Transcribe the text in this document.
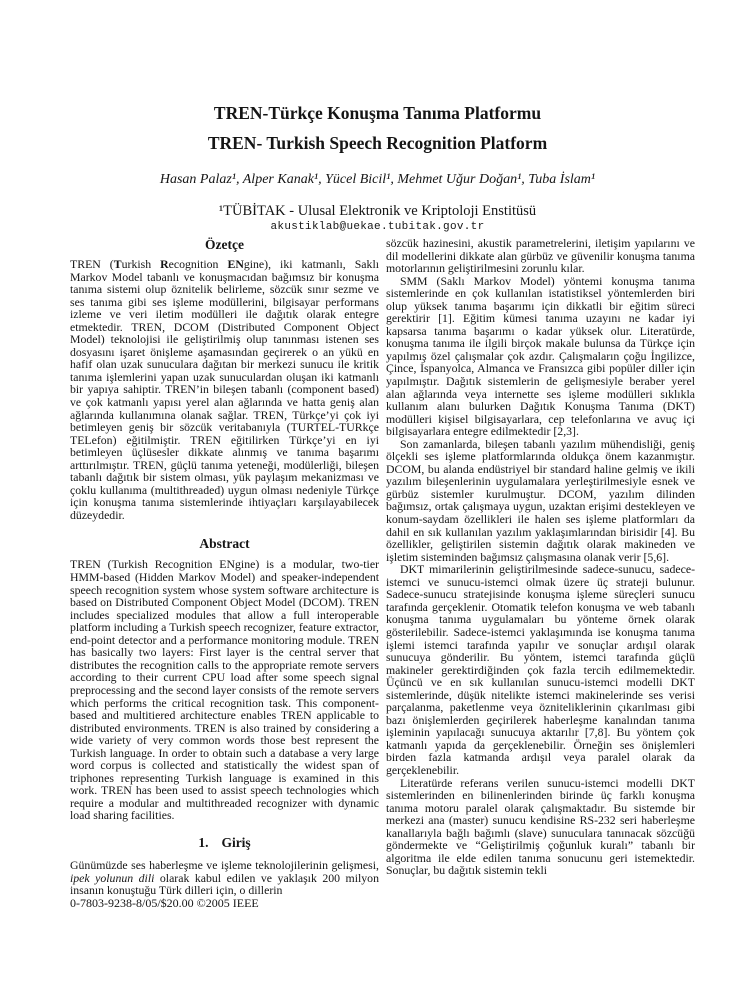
TREN-Türkçe Konuşma Tanıma Platformu
TREN- Turkish Speech Recognition Platform
Hasan Palaz¹, Alper Kanak¹, Yücel Bicil¹, Mehmet Uğur Doğan¹, Tuba İslam¹
¹TÜBİTAK - Ulusal Elektronik ve Kriptoloji Enstitüsü
akustiklab@uekae.tubitak.gov.tr
Özetçe

TREN (Turkish Recognition ENgine), iki katmanlı, Saklı Markov Model tabanlı ve konuşmacıdan bağımsız bir konuşma tanıma sistemi olup öznitelik belirleme, sözcük sınır sezme ve ses tanıma gibi ses işleme modüllerini, bilgisayar performans izleme ve veri iletim modülleri ile dağıtık olarak entegre etmektedir. TREN, DCOM (Distributed Component Object Model) teknolojisi ile geliştirilmiş olup tanınması istenen ses dosyasını işaret önişleme aşamasından geçirerek o an yükü en hafif olan uzak sunuculara dağıtan bir merkezi sunucu ile kritik tanıma işlemlerini yapan uzak sunuculardan oluşan iki katmanlı bir yapıya sahiptir. TREN’in bileşen tabanlı (component based) ve çok katmanlı yapısı yerel alan ağlarında ve hatta geniş alan ağlarında kullanımına olanak sağlar. TREN, Türkçe’yi çok iyi betimleyen geniş bir sözcük veritabanıyla (TURTEL-TURkçe TELefon) eğitilmiştir. TREN eğitilirken Türkçe’yi en iyi betimleyen üçlüsesler dikkate alınmış ve tanıma başarımı arttırılmıştır. TREN, güçlü tanıma yeteneği, modülerliği, bileşen tabanlı dağıtık bir sistem olması, yük paylaşım mekanizması ve çoklu kullanıma (multithreaded) uygun olması nedeniyle Türkçe için konuşma tanıma sistemlerinde ihtiyaçları karşılayabilecek düzeydedir.

Abstract

TREN (Turkish Recognition ENgine) is a modular, two-tier HMM-based (Hidden Markov Model) and speaker-independent speech recognition system whose system software architecture is based on Distributed Component Object Model (DCOM). TREN includes specialized modules that allow a full interoperable platform including a Turkish speech recognizer, feature extractor, end-point detector and a performance monitoring module. TREN has basically two layers: First layer is the central server that distributes the recognition calls to the appropriate remote servers according to their current CPU load after some speech signal preprocessing and the second layer consists of the remote servers which performs the critical recognition task. This component-based and multitiered architecture enables TREN applicable to distributed environments. TREN is also trained by considering a wide variety of very common words those best represent the Turkish language. In order to obtain such a database a very large word corpus is collected and statistically the widest span of triphones representing Turkish language is examined in this work. TREN has been used to assist speech technologies which require a modular and multithreaded recognizer with dynamic load sharing facilities.

1. Giriş

Günümüzde ses haberleşme ve işleme teknolojilerinin gelişmesi, ipek yolunun dili olarak kabul edilen ve yaklaşık 200 milyon insanın konuştuğu Türk dilleri için, o dillerin

sözcük hazinesini, akustik parametrelerini, iletişim yapılarını ve dil modellerini dikkate alan gürbüz ve güvenilir konuşma tanıma motorlarının geliştirilmesini zorunlu kılar.

SMM (Saklı Markov Model) yöntemi konuşma tanıma sistemlerinde en çok kullanılan istatistiksel yöntemlerden biri olup yüksek tanıma başarımı için dikkatli bir eğitim süreci gerektirir [1]. Eğitim kümesi tanıma uzayını ne kadar iyi kapsarsa tanıma başarımı o kadar yüksek olur. Literatürde, konuşma tanıma ile ilgili birçok makale bulunsa da Türkçe için yapılmış özel çalışmalar çok azdır. Çalışmaların çoğu İngilizce, Çince, İspanyolca, Almanca ve Fransızca gibi popüler diller için yapılmıştır. Dağıtık sistemlerin de gelişmesiyle beraber yerel alan ağlarında veya internette ses işleme modülleri sıklıkla kullanım alanı bulurken Dağıtık Konuşma Tanıma (DKT) modülleri kişisel bilgisayarlara, cep telefonlarına ve avuç içi bilgisayarlara entegre edilmektedir [2,3].

Son zamanlarda, bileşen tabanlı yazılım mühendisliği, geniş ölçekli ses işleme platformlarında oldukça önem kazanmıştır. DCOM, bu alanda endüstriyel bir standard haline gelmiş ve ikili yazılım bileşenlerinin uygulamalara yerleştirilmesiyle esnek ve gürbüz sistemler kurulmuştur. DCOM, yazılım dilinden bağımsız, ortak çalışmaya uygun, uzaktan erişimi destekleyen ve konum-saydam özellikleri ile halen ses işleme platformları da dahil en sık kullanılan yazılım yaklaşımlarından birisidir [4]. Bu özellikler, geliştirilen sistemin dağıtık olarak makineden ve işletim sisteminden bağımsız çalışmasına olanak verir [5,6].

DKT mimarilerinin geliştirilmesinde sadece-sunucu, sadece-istemci ve sunucu-istemci olmak üzere üç strateji bulunur. Sadece-sunucu stratejisinde konuşma işleme süreçleri sunucu tarafında gerçeklenir. Otomatik telefon konuşma ve web tabanlı konuşma tanıma uygulamaları bu yönteme örnek olarak gösterilebilir. Sadece-istemci yaklaşımında ise konuşma tanıma işlemi istemci tarafında yapılır ve sonuçlar ardışıl olarak sunucuya gönderilir. Bu yöntem, istemci tarafında güçlü makineler gerektirdiğinden çok fazla tercih edilmemektedir. Üçüncü ve en sık kullanılan sunucu-istemci modelli DKT sistemlerinde, düşük nitelikte istemci makinelerinde ses verisi parçalanma, paketlenme veya özniteliklerinin çıkarılması gibi bazı önişlemlerden geçirilerek haberleşme kanalından tanıma işleminin yapılacağı sunucuya aktarılır [7,8]. Bu yöntem çok katmanlı yapıda da gerçeklenebilir. Örneğin ses önişlemleri birden fazla katmanda ardışıl veya paralel olarak da gerçeklenebilir.

Literatürde referans verilen sunucu-istemci modelli DKT sistemlerinden en bilinenlerinden birinde üç farklı konuşma tanıma motoru paralel olarak çalışmaktadır. Bu sistemde bir merkezi ana (master) sunucu kendisine RS-232 seri haberleşme kanallarıyla bağlı bağımlı (slave) sunuculara tanınacak sözcüğü göndermekte ve “Geliştirilmiş çoğunluk kuralı” tabanlı bir algoritma ile elde edilen tanıma sonucunu geri istemektedir. Sonuçlar, bu dağıtık sistemin tekli

0-7803-9238-8/05/$20.00 ©2005 IEEE
